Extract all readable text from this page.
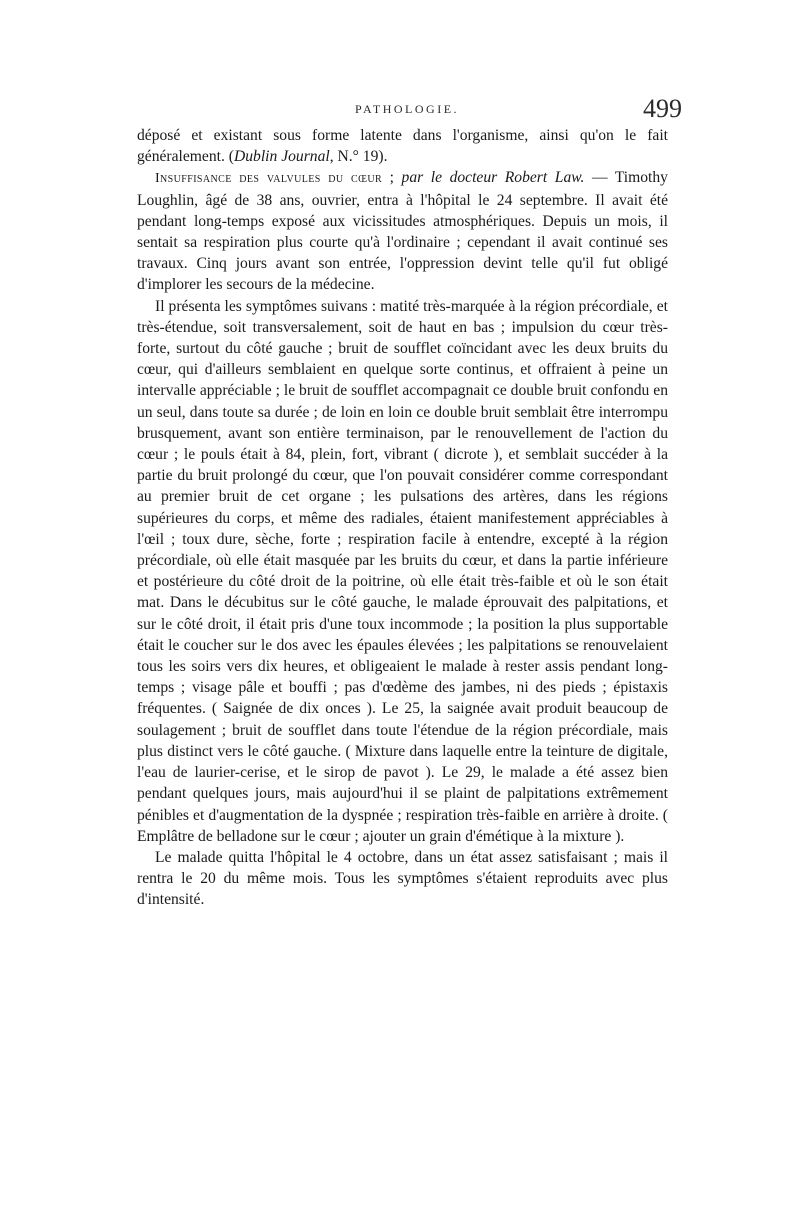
PATHOLOGIE.	499

déposé et existant sous forme latente dans l'organisme, ainsi qu'on le fait généralement. (Dublin Journal, N.° 19).

Insuffisance des valvules du cœur ; par le docteur Robert Law. — Timothy Loughlin, âgé de 38 ans, ouvrier, entra à l'hôpital le 24 septembre. Il avait été pendant long-temps exposé aux vicissitudes atmosphériques. Depuis un mois, il sentait sa respiration plus courte qu'à l'ordinaire ; cependant il avait continué ses travaux. Cinq jours avant son entrée, l'oppression devint telle qu'il fut obligé d'implorer les secours de la médecine.

Il présenta les symptômes suivans : matité très-marquée à la région précordiale, et très-étendue, soit transversalement, soit de haut en bas ; impulsion du cœur très-forte, surtout du côté gauche ; bruit de soufflet coïncidant avec les deux bruits du cœur, qui d'ailleurs semblaient en quelque sorte continus, et offraient à peine un intervalle appréciable ; le bruit de soufflet accompagnait ce double bruit confondu en un seul, dans toute sa durée ; de loin en loin ce double bruit semblait être interrompu brusquement, avant son entière terminaison, par le renouvellement de l'action du cœur ; le pouls était à 84, plein, fort, vibrant ( dicrote ), et semblait succéder à la partie du bruit prolongé du cœur, que l'on pouvait considérer comme correspondant au premier bruit de cet organe ; les pulsations des artères, dans les régions supérieures du corps, et même des radiales, étaient manifestement appréciables à l'œil ; toux dure, sèche, forte ; respiration facile à entendre, excepté à la région précordiale, où elle était masquée par les bruits du cœur, et dans la partie inférieure et postérieure du côté droit de la poitrine, où elle était très-faible et où le son était mat. Dans le décubitus sur le côté gauche, le malade éprouvait des palpitations, et sur le côté droit, il était pris d'une toux incommode ; la position la plus supportable était le coucher sur le dos avec les épaules élevées ; les palpitations se renouvelaient tous les soirs vers dix heures, et obligeaient le malade à rester assis pendant long-temps ; visage pâle et bouffi ; pas d'œdème des jambes, ni des pieds ; épistaxis fréquentes. ( Saignée de dix onces ). Le 25, la saignée avait produit beaucoup de soulagement ; bruit de soufflet dans toute l'étendue de la région précordiale, mais plus distinct vers le côté gauche. ( Mixture dans laquelle entre la teinture de digitale, l'eau de laurier-cerise, et le sirop de pavot ). Le 29, le malade a été assez bien pendant quelques jours, mais aujourd'hui il se plaint de palpitations extrêmement pénibles et d'augmentation de la dyspnée ; respiration très-faible en arrière à droite. ( Emplâtre de belladone sur le cœur ; ajouter un grain d'émétique à la mixture ).

Le malade quitta l'hôpital le 4 octobre, dans un état assez satisfaisant ; mais il rentra le 20 du même mois. Tous les symptômes s'étaient reproduits avec plus d'intensité.
